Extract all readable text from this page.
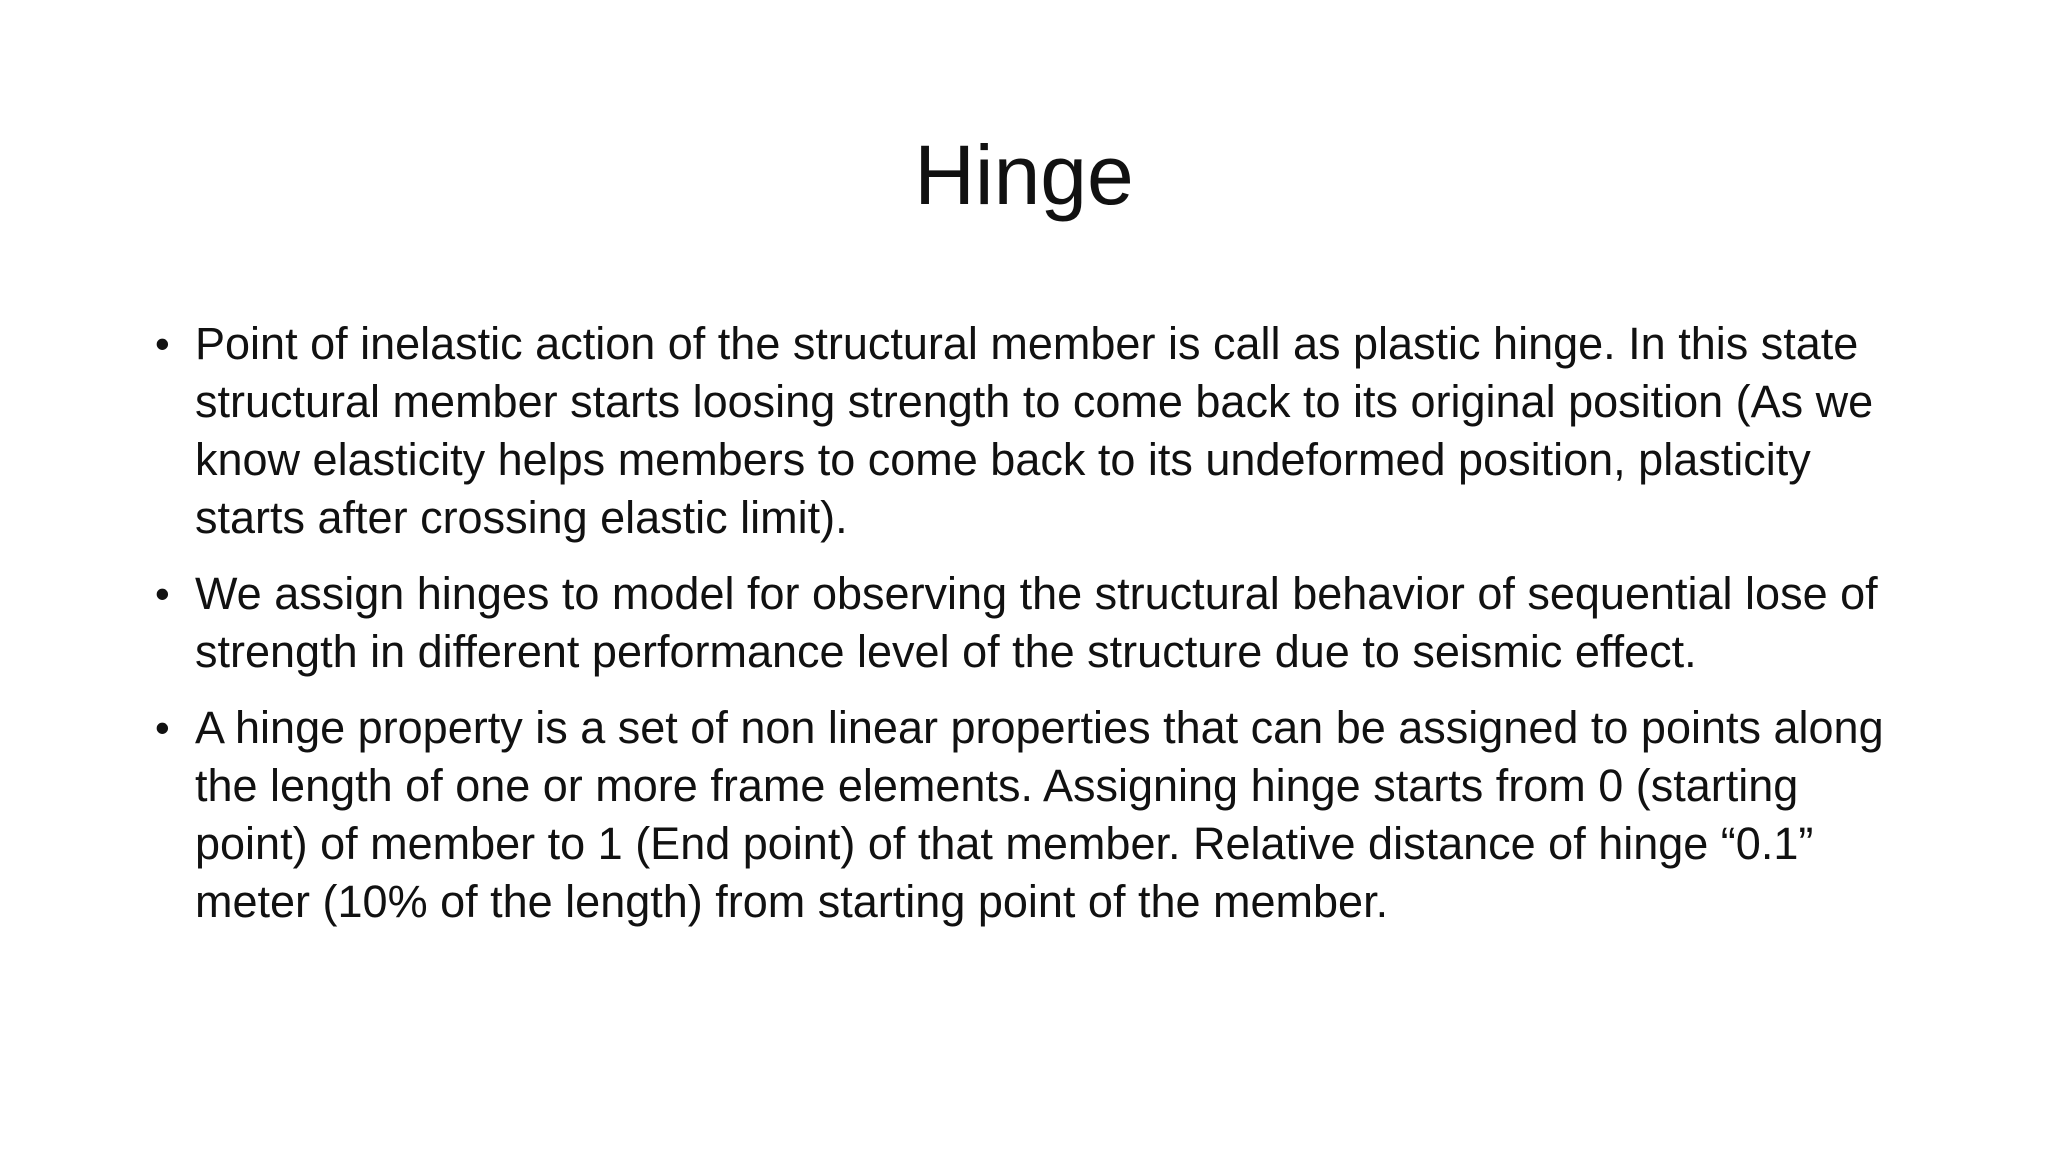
Hinge
• Point of inelastic action of the structural member is call as plastic hinge. In this state structural member starts loosing strength to come back to its original position (As we know elasticity helps members to come back to its undeformed position, plasticity starts after crossing elastic limit).
• We assign hinges to model for observing the structural behavior of sequential lose of strength in different performance level of the structure due to seismic effect.
• A hinge property is a set of non linear properties that can be assigned to points along the length of one or more frame elements. Assigning hinge starts from 0 (starting point) of member to 1 (End point) of that member. Relative distance of hinge “0.1” meter (10% of the length) from starting point of the member.
